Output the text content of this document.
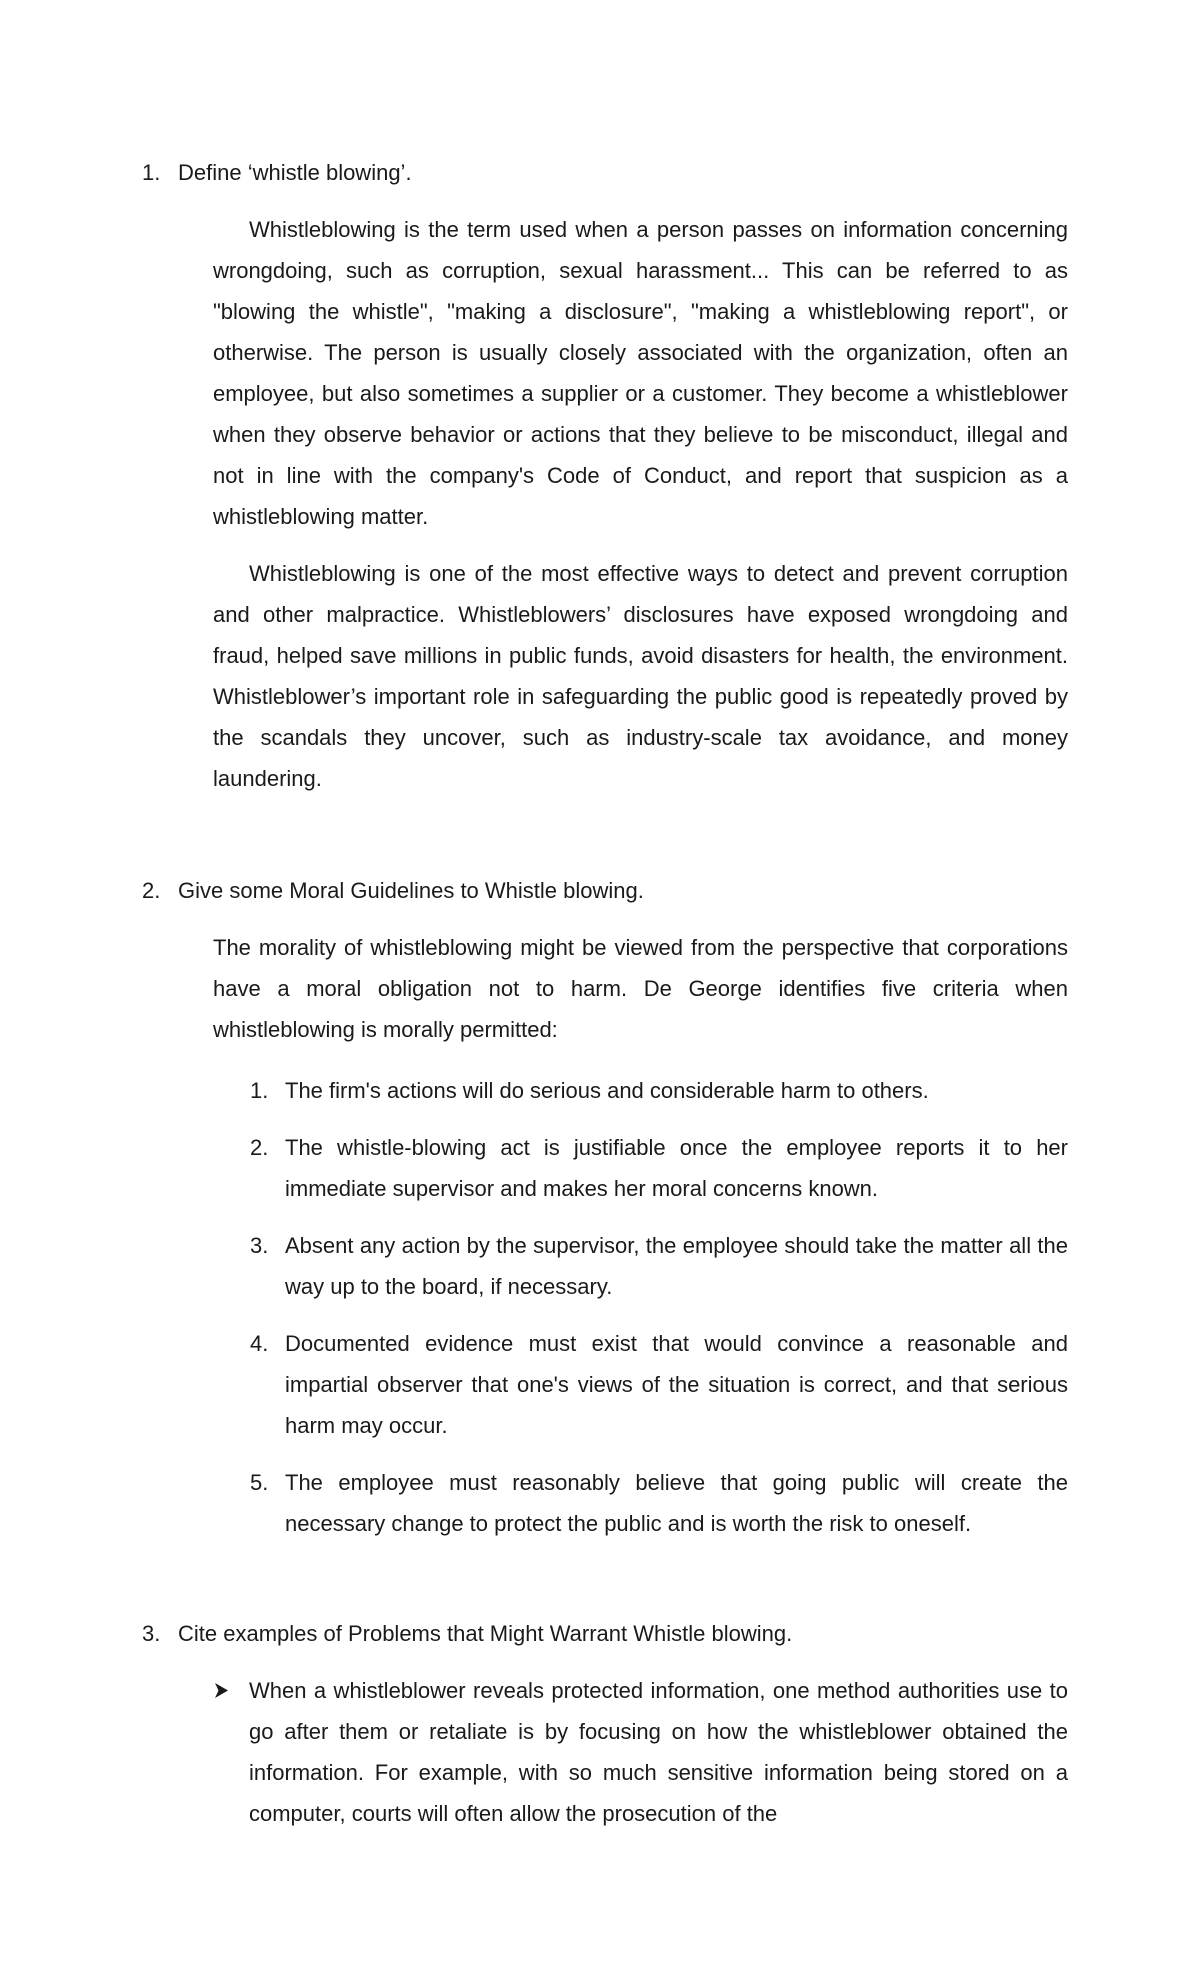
1. Define ‘whistle blowing’.

Whistleblowing is the term used when a person passes on information concerning wrongdoing, such as corruption, sexual harassment... This can be referred to as "blowing the whistle", "making a disclosure", "making a whistleblowing report", or otherwise. The person is usually closely associated with the organization, often an employee, but also sometimes a supplier or a customer. They become a whistleblower when they observe behavior or actions that they believe to be misconduct, illegal and not in line with the company's Code of Conduct, and report that suspicion as a whistleblowing matter.

Whistleblowing is one of the most effective ways to detect and prevent corruption and other malpractice. Whistleblowers’ disclosures have exposed wrongdoing and fraud, helped save millions in public funds, avoid disasters for health, the environment. Whistleblower’s important role in safeguarding the public good is repeatedly proved by the scandals they uncover, such as industry-scale tax avoidance, and money laundering.

2. Give some Moral Guidelines to Whistle blowing.

The morality of whistleblowing might be viewed from the perspective that corporations have a moral obligation not to harm. De George identifies five criteria when whistleblowing is morally permitted:

1. The firm's actions will do serious and considerable harm to others.
2. The whistle-blowing act is justifiable once the employee reports it to her immediate supervisor and makes her moral concerns known.
3. Absent any action by the supervisor, the employee should take the matter all the way up to the board, if necessary.
4. Documented evidence must exist that would convince a reasonable and impartial observer that one's views of the situation is correct, and that serious harm may occur.
5. The employee must reasonably believe that going public will create the necessary change to protect the public and is worth the risk to oneself.
3. Cite examples of Problems that Might Warrant Whistle blowing.
When a whistleblower reveals protected information, one method authorities use to go after them or retaliate is by focusing on how the whistleblower obtained the information. For example, with so much sensitive information being stored on a computer, courts will often allow the prosecution of the
